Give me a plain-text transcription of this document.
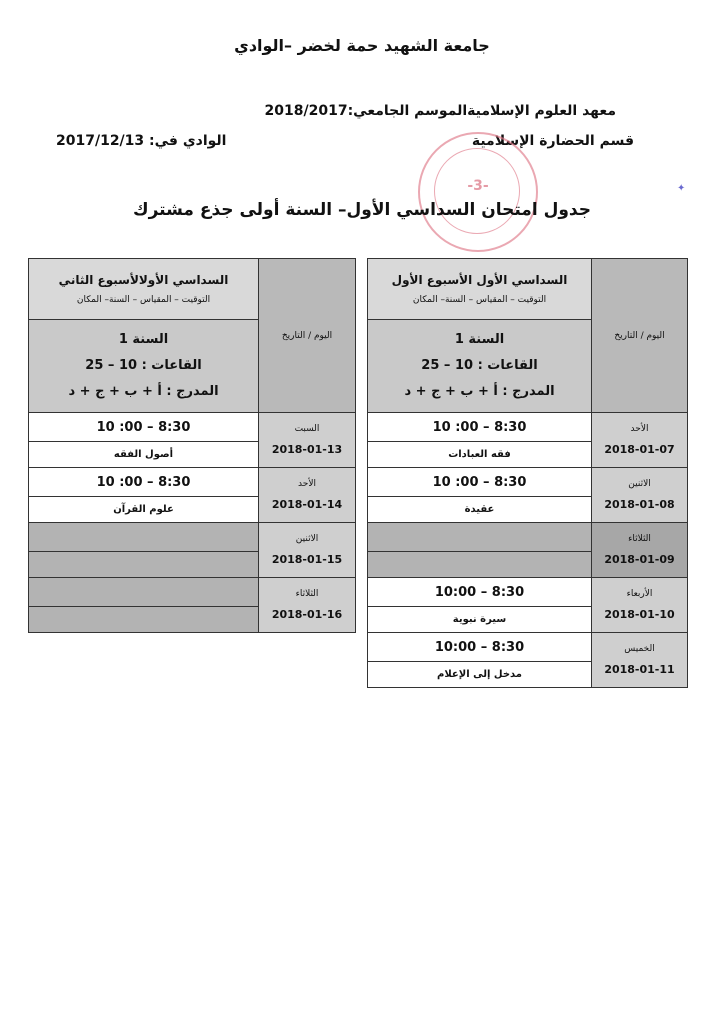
جامعة الشهيد حمة لخضر –الوادي
معهد العلوم الإسلاميةالموسم الجامعي:2018/2017
قسم الحضارة الإسلامية
الوادي في: 2017/12/13
-3-	✦
جدول امتحان السداسي الأول– السنة أولى جذع مشترك
اليوم / التاريخ	السداسي الأول الأسبوع الأول
التوقيت – المقياس – السنة– المكان

	السنة 1
القاعات : 10 – 25
المدرج : أ + ب + ج + د

الأحد
2018-01-07	8:30 – 00: 10
	فقه العبادات

الاثنين
2018-01-08	8:30 – 00: 10
	عقيدة

الثلاثاء
2018-01-09	

الأربعاء
2018-01-10	8:30 – 10:00
	سيرة نبوية

الخميس
2018-01-11	8:30 – 10:00
	مدخل إلى الإعلام
اليوم / التاريخ	السداسي الأولالأسبوع الثاني
التوقيت – المقياس – السنة– المكان

	السنة 1
القاعات : 10 – 25
المدرج : أ + ب + ج + د

السبت
2018-01-13	8:30 – 00: 10
	أصول الفقه

الأحد
2018-01-14	8:30 – 00: 10
	علوم القرآن

الاثنين
2018-01-15	

الثلاثاء
2018-01-16	
